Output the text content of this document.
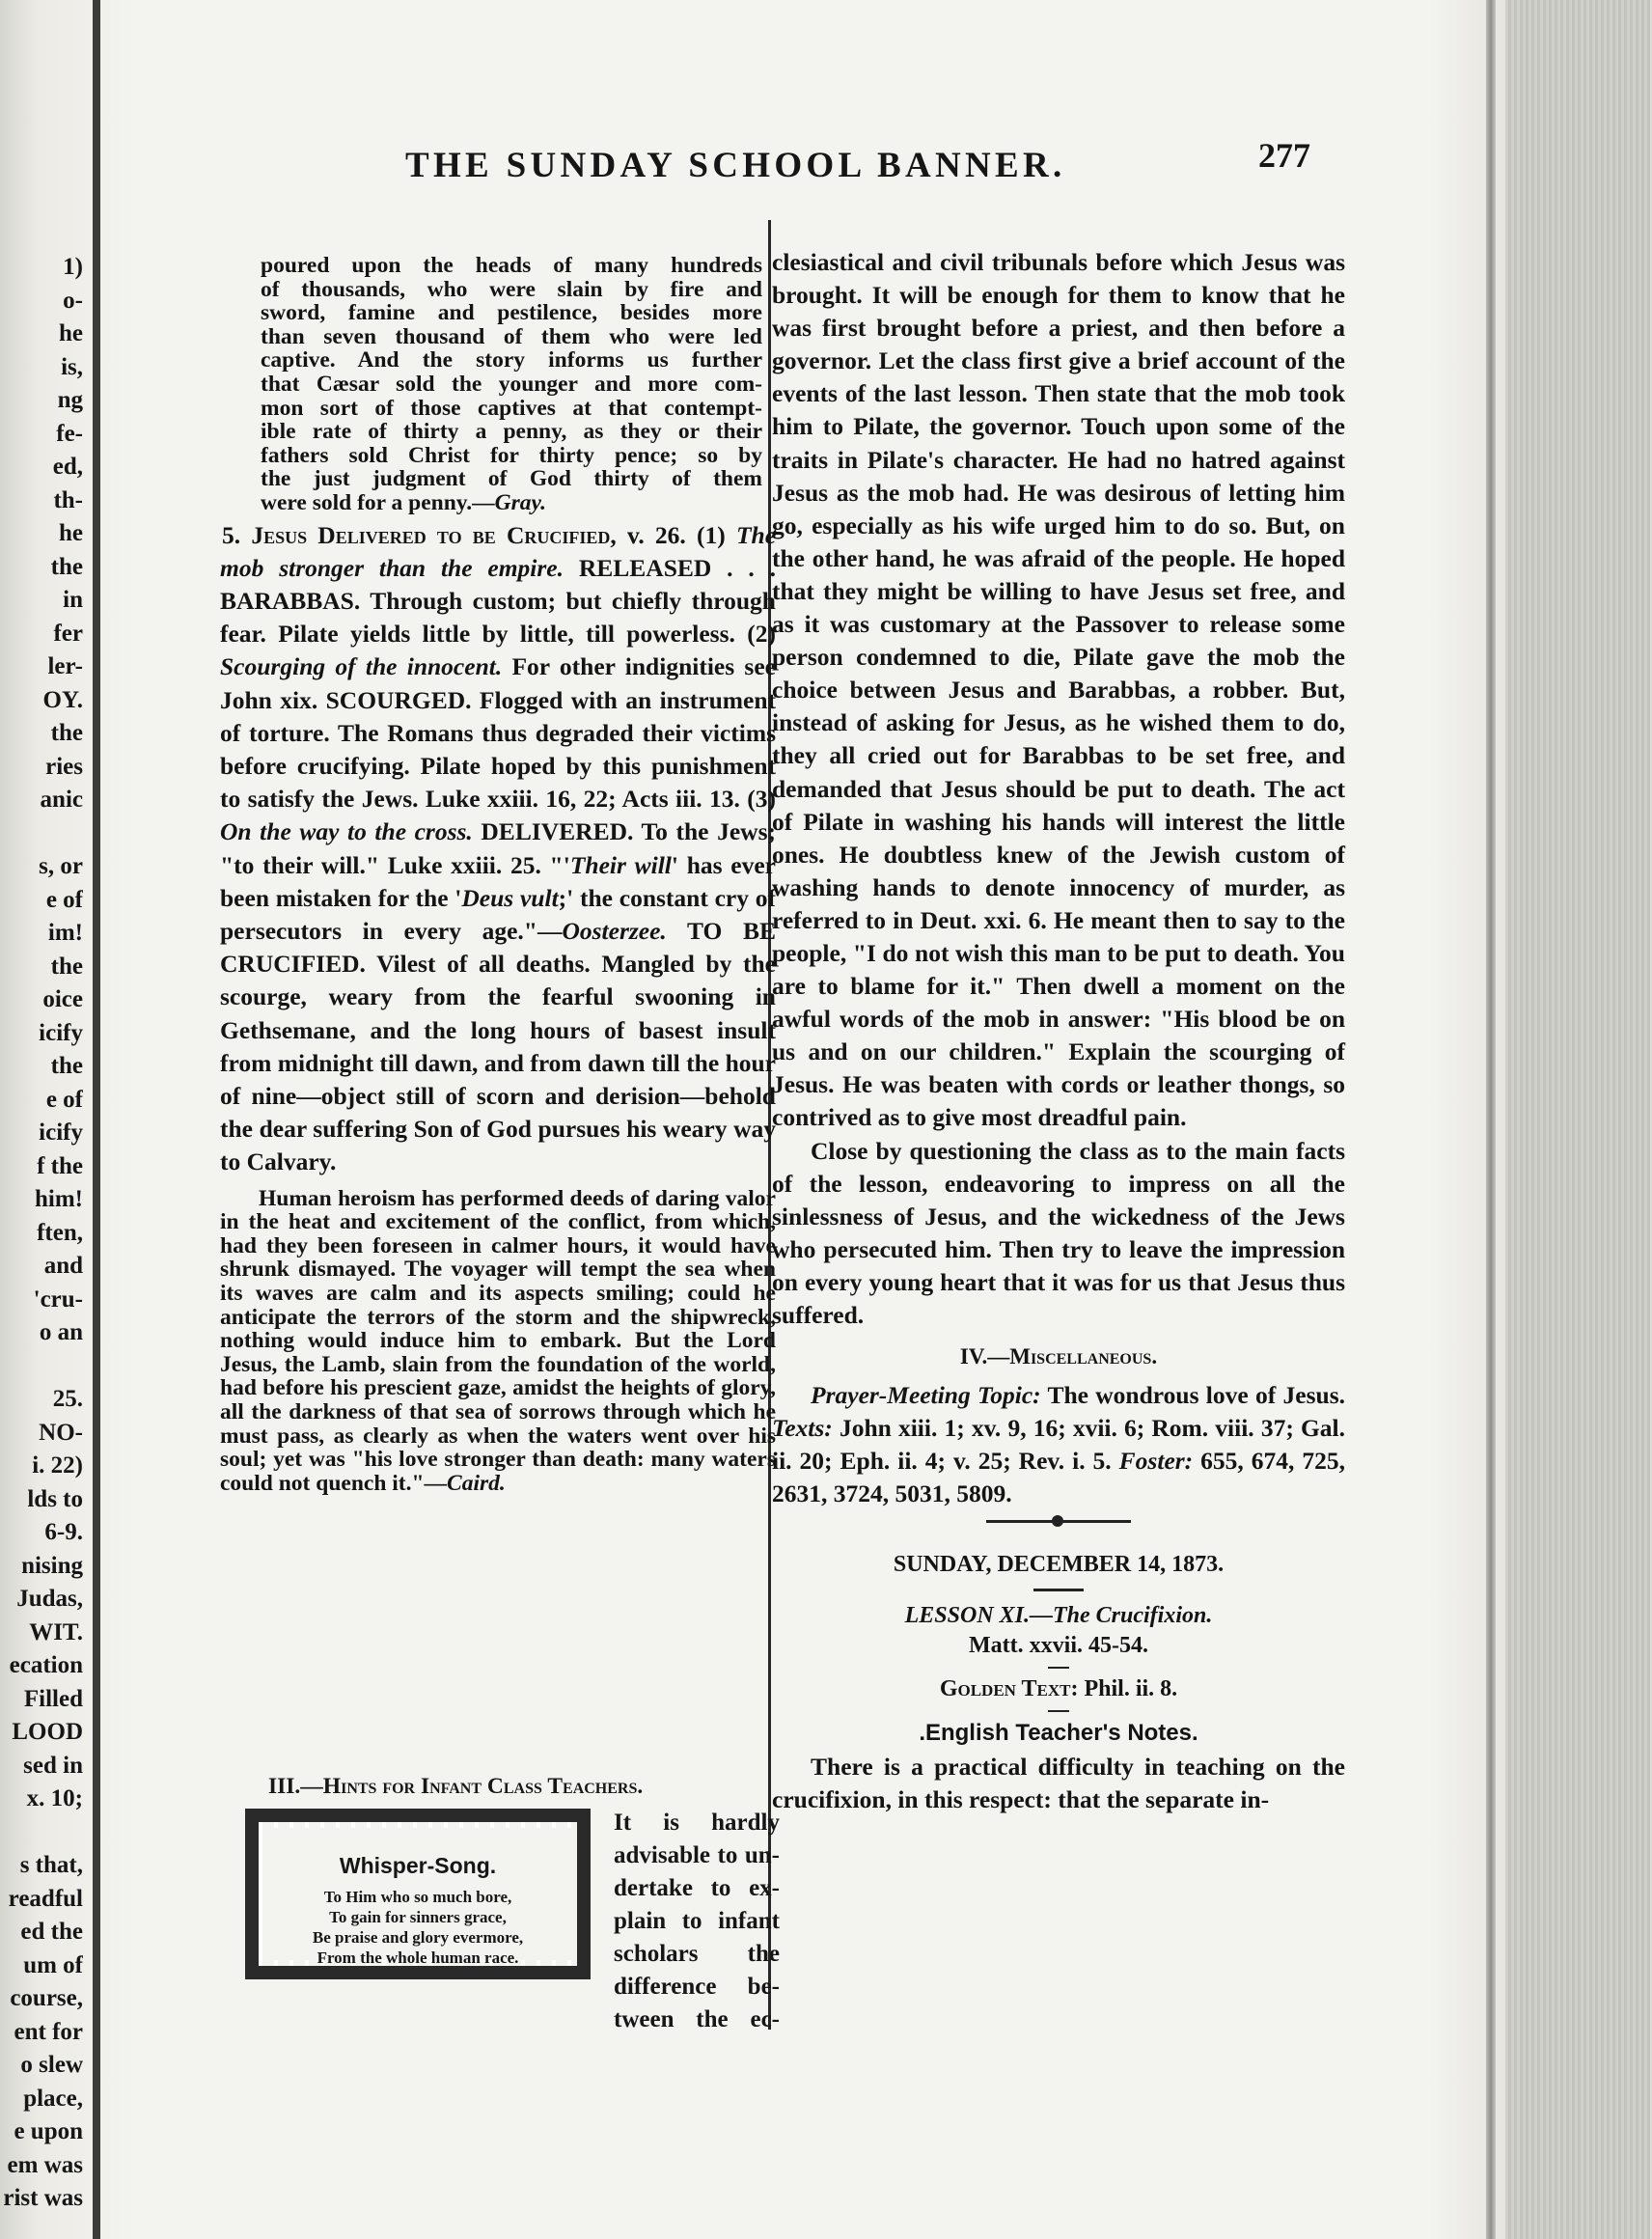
1)
o-
he
is,
ng
fe-
ed,
th-
he
the
in
fer
ler-
OY.
the
ries
anic

s, or
e of
im!
the
oice
icify
the
e of
icify
f the
him!
ften,
and
'cru-
o an

25.
NO-
i. 22)
lds to
6-9.
nising
Judas,
WIT.
ecation
Filled
LOOD
sed in
x. 10;

s that,
readful
ed the
um of
course,
ent for
o slew
place,
e upon
em was
rist was
THE SUNDAY SCHOOL BANNER.	277
poured upon the heads of many hundreds
of thousands, who were slain by fire and
sword, famine and pestilence, besides more
than seven thousand of them who were led
captive. And the story informs us further
that Cæsar sold the younger and more com-
mon sort of those captives at that contempt-
ible rate of thirty a penny, as they or their
fathers sold Christ for thirty pence; so by
the just judgment of God thirty of them
were sold for a penny.—Gray.

5. Jesus Delivered to be Crucified, v. 26. (1) The mob stronger than the empire. RELEASED . . . BARABBAS. Through custom; but chiefly through fear. Pilate yields little by little, till powerless. (2) Scourging of the innocent. For other indignities see John xix. SCOURGED. Flogged with an instrument of torture. The Romans thus degraded their victims before crucifying. Pilate hoped by this punishment to satisfy the Jews. Luke xxiii. 16, 22; Acts iii. 13. (3) On the way to the cross. DELIVERED. To the Jews; "to their will." Luke xxiii. 25. "'Their will' has ever been mistaken for the 'Deus vult;' the constant cry of persecutors in every age."—Oosterzee. TO BE CRUCIFIED. Vilest of all deaths. Mangled by the scourge, weary from the fearful swooning in Gethsemane, and the long hours of basest insult from midnight till dawn, and from dawn till the hour of nine—object still of scorn and derision—behold the dear suffering Son of God pursues his weary way to Calvary.

Human heroism has performed deeds of daring valor in the heat and excitement of the conflict, from which, had they been foreseen in calmer hours, it would have shrunk dismayed. The voyager will tempt the sea when its waves are calm and its aspects smiling; could he anticipate the terrors of the storm and the shipwreck, nothing would induce him to embark. But the Lord Jesus, the Lamb, slain from the foundation of the world, had before his prescient gaze, amidst the heights of glory, all the darkness of that sea of sorrows through which he must pass, as clearly as when the waters went over his soul; yet was "his love stronger than death: many waters could not quench it."—Caird.

III.—Hints for Infant Class Teachers.
Whisper-Song.
To Him who so much bore,
To gain for sinners grace,
Be praise and glory evermore,
From the whole human race.
It is hardly
advisable to un-
dertake to ex-
plain to infant
scholars the
difference be-
tween the ec-

clesiastical and civil tribunals before which Jesus was brought. It will be enough for them to know that he was first brought before a priest, and then before a governor. Let the class first give a brief account of the events of the last lesson. Then state that the mob took him to Pilate, the governor. Touch upon some of the traits in Pilate's character. He had no hatred against Jesus as the mob had. He was desirous of letting him go, especially as his wife urged him to do so. But, on the other hand, he was afraid of the people. He hoped that they might be willing to have Jesus set free, and as it was customary at the Passover to release some person condemned to die, Pilate gave the mob the choice between Jesus and Barabbas, a robber. But, instead of asking for Jesus, as he wished them to do, they all cried out for Barabbas to be set free, and demanded that Jesus should be put to death. The act of Pilate in washing his hands will interest the little ones. He doubtless knew of the Jewish custom of washing hands to denote innocency of murder, as referred to in Deut. xxi. 6. He meant then to say to the people, "I do not wish this man to be put to death. You are to blame for it." Then dwell a moment on the awful words of the mob in answer: "His blood be on us and on our children." Explain the scourging of Jesus. He was beaten with cords or leather thongs, so contrived as to give most dreadful pain.

Close by questioning the class as to the main facts of the lesson, endeavoring to impress on all the sinlessness of Jesus, and the wickedness of the Jews who persecuted him. Then try to leave the impression on every young heart that it was for us that Jesus thus suffered.

IV.—Miscellaneous.

Prayer-Meeting Topic: The wondrous love of Jesus. Texts: John xiii. 1; xv. 9, 16; xvii. 6; Rom. viii. 37; Gal. ii. 20; Eph. ii. 4; v. 25; Rev. i. 5. Foster: 655, 674, 725, 2631, 3724, 5031, 5809.

SUNDAY, DECEMBER 14, 1873.

LESSON XI.—The Crucifixion.

Matt. xxvii. 45-54.

Golden Text: Phil. ii. 8.

.English Teacher's Notes.

There is a practical difficulty in teaching on the crucifixion, in this respect: that the separate in-
